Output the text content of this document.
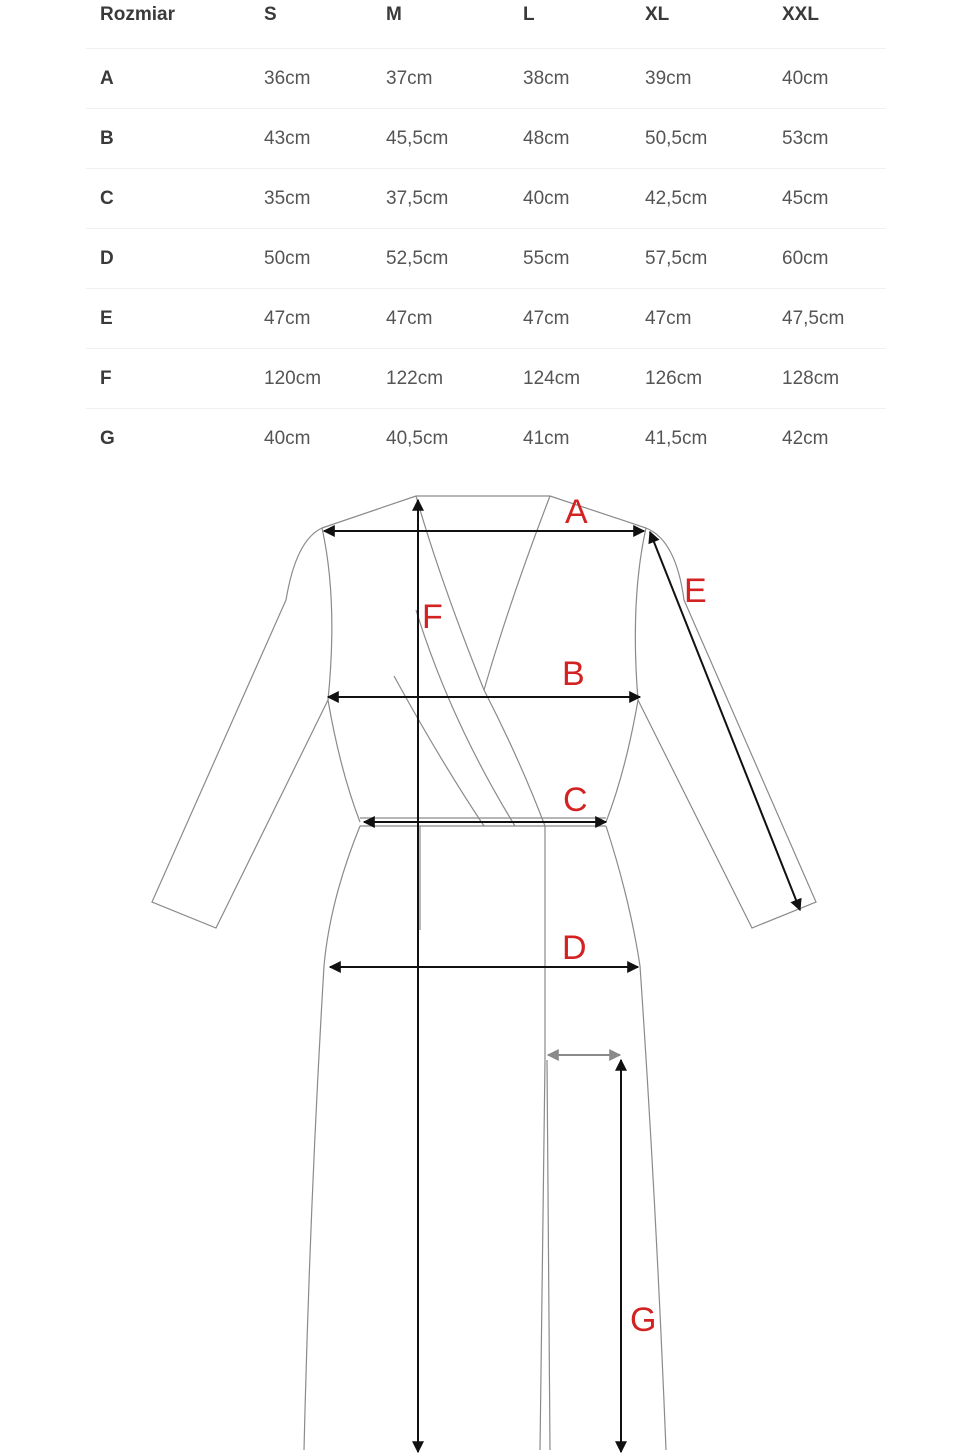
Rozmiar	S	M	L	XL	XXL
A	36cm	37cm	38cm	39cm	40cm
B	43cm	45,5cm	48cm	50,5cm	53cm
C	35cm	37,5cm	40cm	42,5cm	45cm
D	50cm	52,5cm	55cm	57,5cm	60cm
E	47cm	47cm	47cm	47cm	47,5cm
F	120cm	122cm	124cm	126cm	128cm
G	40cm	40,5cm	41cm	41,5cm	42cm
A
B
C
D
E
F
G
